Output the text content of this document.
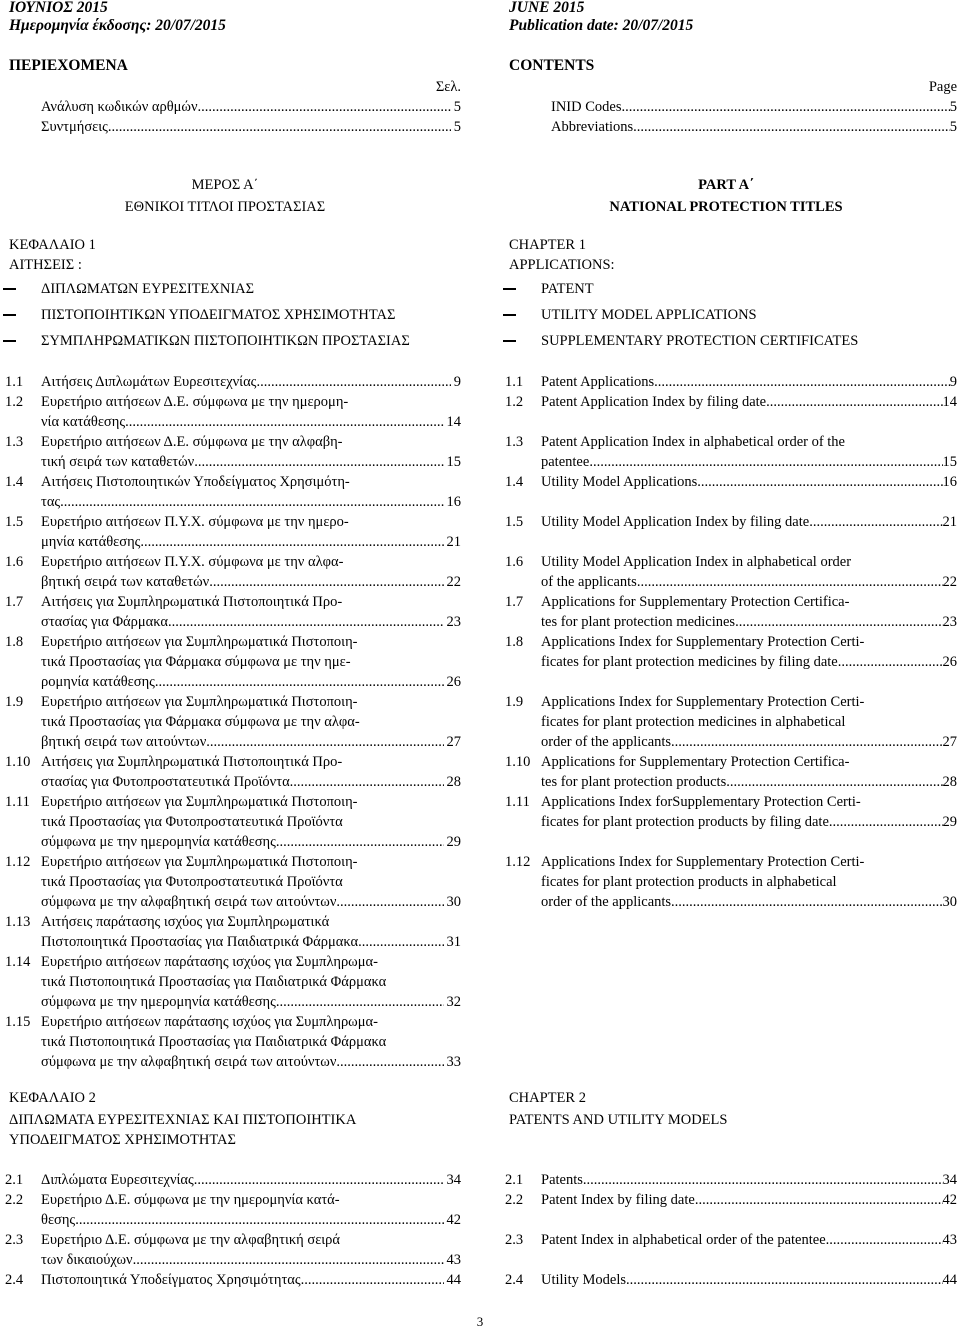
ΙΟΥΝΙΟΣ 2015
Ημερομηνία έκδοσης: 20/07/2015
ΠΕΡΙΕΧΟΜΕΝΑ
Σελ.
Ανάλυση κωδικών αρθμών .....	5
Συντμήσεις .....	5
ΜΕΡΟΣ Α΄
ΕΘΝΙΚΟΙ ΤΙΤΛΟΙ ΠΡΟΣΤΑΣΙΑΣ
ΚΕΦΑΛΑΙΟ 1
ΑΙΤΗΣΕΙΣ :
ΔΙΠΛΩΜΑΤΩΝ ΕΥΡΕΣΙΤΕΧΝΙΑΣ
ΠΙΣΤΟΠΟΙΗΤΙΚΩΝ ΥΠΟΔΕΙΓΜΑΤΟΣ ΧΡΗΣΙΜΟΤΗΤΑΣ
ΣΥΜΠΛΗΡΩΜΑΤΙΚΩΝ ΠΙΣΤΟΠΟΙΗΤΙΚΩΝ ΠΡΟΣΤΑΣΙΑΣ
1.1 Αιτήσεις Διπλωμάτων Ευρεσιτεχνίας .....	9
1.2 Ευρετήριο αιτήσεων Δ.Ε. σύμφωνα με την ημερομη-
νία κατάθεσης .....	14
1.3 Ευρετήριο αιτήσεων Δ.Ε. σύμφωνα με την αλφαβη-
τική σειρά των καταθετών .....	15
1.4 Αιτήσεις Πιστοποιητικών Υποδείγματος Χρησιμότη-
τας .....	16
1.5 Ευρετήριο αιτήσεων Π.Υ.Χ. σύμφωνα με την ημερο-
μηνία κατάθεσης .....	21
1.6 Ευρετήριο αιτήσεων Π.Υ.Χ. σύμφωνα με την αλφα-
βητική σειρά των καταθετών .....	22
1.7 Αιτήσεις για Συμπληρωματικά Πιστοποιητικά Προ-
στασίας για Φάρμακα .....	23
1.8 Ευρετήριο αιτήσεων για Συμπληρωματικά Πιστοποιη-
τικά Προστασίας για Φάρμακα σύμφωνα με την ημε-
ρομηνία κατάθεσης .....	26
1.9 Ευρετήριο αιτήσεων για Συμπληρωματικά Πιστοποιη-
τικά Προστασίας για Φάρμακα σύμφωνα με την αλφα-
βητική σειρά των αιτούντων .....	27
1.10 Αιτήσεις για Συμπληρωματικά Πιστοποιητικά Προ-
στασίας για Φυτοπροστατευτικά Προϊόντα .....	28
1.11 Ευρετήριο αιτήσεων για Συμπληρωματικά Πιστοποιη-
τικά Προστασίας για Φυτοπροστατευτικά Προϊόντα
σύμφωνα με την ημερομηνία κατάθεσης .....	29
1.12 Ευρετήριο αιτήσεων για Συμπληρωματικά Πιστοποιη-
τικά Προστασίας για Φυτοπροστατευτικά Προϊόντα
σύμφωνα με την αλφαβητική σειρά των αιτούντων .....	30
1.13 Αιτήσεις παράτασης ισχύος για Συμπληρωματικά
Πιστοποιητικά Προστασίας για Παιδιατρικά Φάρμακα .....	31
1.14 Ευρετήριο αιτήσεων παράτασης ισχύος για Συμπληρωμα-
τικά Πιστοποιητικά Προστασίας για Παιδιατρικά Φάρμακα
σύμφωνα με την ημερομηνία κατάθεσης .....	32
1.15 Ευρετήριο αιτήσεων παράτασης ισχύος για Συμπληρωμα-
τικά Πιστοποιητικά Προστασίας για Παιδιατρικά Φάρμακα
σύμφωνα με την αλφαβητική σειρά των αιτούντων .....	33
ΚΕΦΑΛΑΙΟ 2
ΔΙΠΛΩΜΑΤΑ ΕΥΡΕΣΙΤΕΧΝΙΑΣ ΚΑΙ ΠΙΣΤΟΠΟΙΗΤΙΚΑ
ΥΠΟΔΕΙΓΜΑΤΟΣ ΧΡΗΣΙΜΟΤΗΤΑΣ
2.1 Διπλώματα Ευρεσιτεχνίας .....	34
2.2 Ευρετήριο Δ.Ε. σύμφωνα με την ημερομηνία κατά-
θεσης .....	42
2.3 Ευρετήριο Δ.Ε. σύμφωνα με την αλφαβητική σειρά
των δικαιούχων .....	43
2.4 Πιστοποιητικά Υποδείγματος Χρησιμότητας .....	44
JUNE 2015
Publication date: 20/07/2015
CONTENTS
Page
INID Codes .....	5
Abbreviations .....	5
PART A΄
NATIONAL PROTECTION TITLES
CHAPTER 1
APPLICATIONS:
PATENT
UTILITY MODEL APPLICATIONS
SUPPLEMENTARY PROTECTION CERTIFICATES
1.1 Patent Applications .....	9
1.2 Patent Application Index by filing date .....	14
1.3 Patent Application Index in alphabetical order of the
patentee .....	15
1.4 Utility Model Applications .....	16
1.5 Utility Model Application Index by filing date .....	21
1.6 Utility Model Application Index in alphabetical order
of the applicants .....	22
1.7 Applications for Supplementary Protection Certifica-
tes for plant protection medicines .....	23
1.8 Applications Index for Supplementary Protection Certi-
ficates for plant protection medicines by filing date .....	26
1.9 Applications Index for Supplementary Protection Certi-
ficates for plant protection medicines in alphabetical
order of the applicants .....	27
1.10 Applications for Supplementary Protection Certifica-
tes for plant protection products .....	28
1.11 Applications Index forSupplementary Protection Certi-
ficates for plant protection products by filing date. .....	29
1.12 Applications Index for Supplementary Protection Certi-
ficates for plant protection products in alphabetical
order of the applicants .....	30
CHAPTER 2
PATENTS AND UTILITY MODELS
2.1 Patents .....	34
2.2 Patent Index by filing date .....	42
2.3 Patent Index in alphabetical order of the patentee .....	43
2.4 Utility Models .....	44
3
